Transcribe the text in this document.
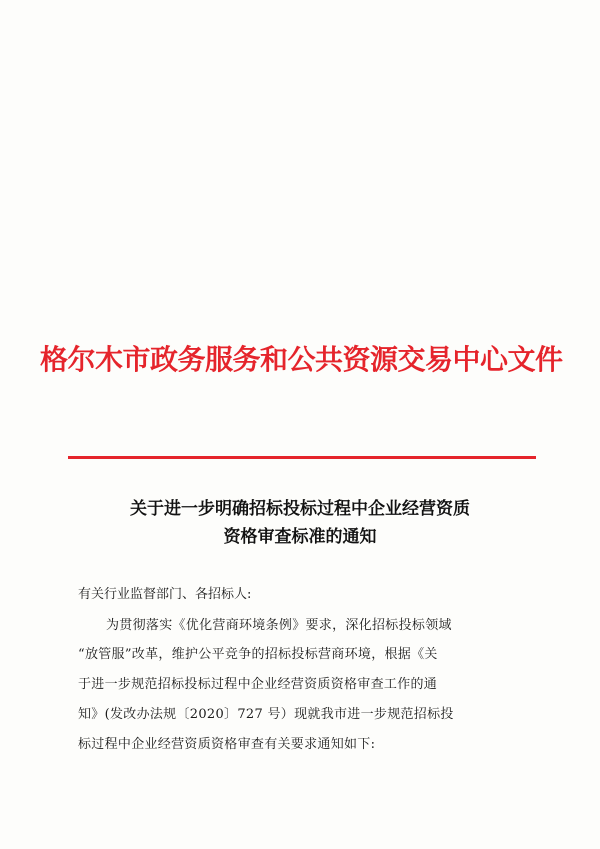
格尔木市政务服务和公共资源交易中心文件
关于进一步明确招标投标过程中企业经营资质
资格审查标准的通知
有关行业监督部门、各招标人:
为贯彻落实《优化营商环境条例》要求，深化招标投标领域
“放管服”改革，维护公平竞争的招标投标营商环境，根据《关
于进一步规范招标投标过程中企业经营资质资格审查工作的通
知》(发改办法规〔2020〕727 号）现就我市进一步规范招标投
标过程中企业经营资质资格审查有关要求通知如下:
